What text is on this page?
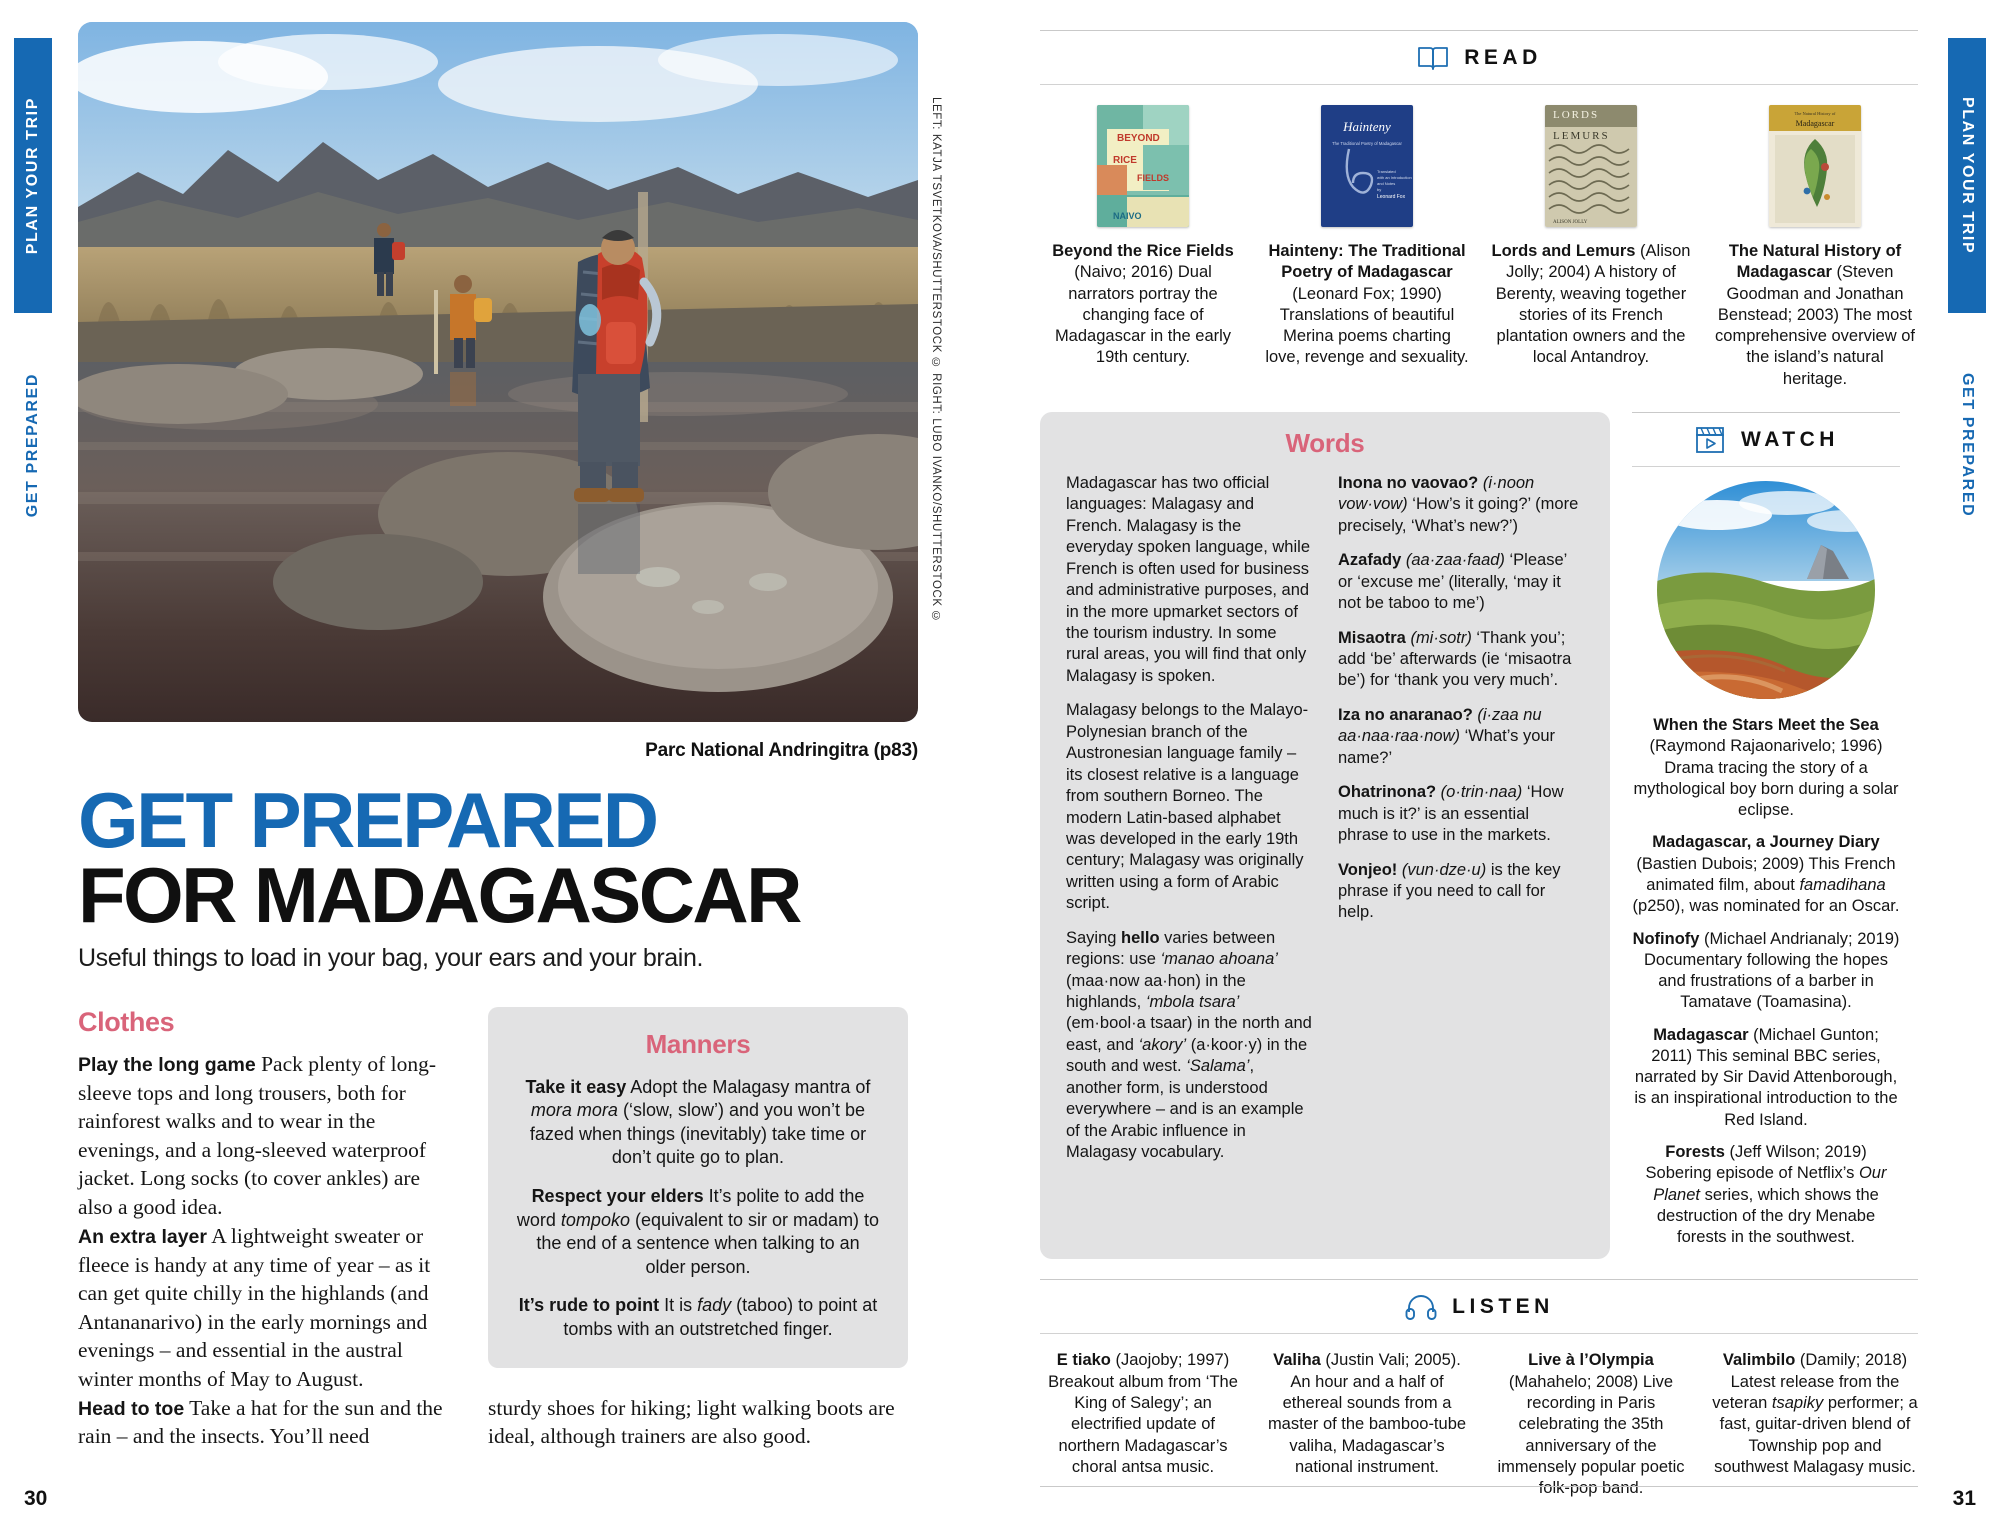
PLAN YOUR TRIP
GET PREPARED
PLAN YOUR TRIP
GET PREPARED
LEFT: KATJA TSVETKOVA/SHUTTERSTOCK © RIGHT: LUBO IVANKO/SHUTTERSTOCK ©
Parc National Andringitra (p83)
GET PREPARED
FOR MADAGASCAR
Useful things to load in your bag, your ears and your brain.
Clothes

Play the long game Pack plenty of long-sleeve tops and long trousers, both for rainforest walks and to wear in the evenings, and a long-sleeved waterproof jacket. Long socks (to cover ankles) are also a good idea.

An extra layer A lightweight sweater or fleece is handy at any time of year – as it can get quite chilly in the highlands (and Antananarivo) in the early mornings and evenings – and essential in the austral winter months of May to August.

Head to toe Take a hat for the sun and the rain – and the insects. You’ll need

Manners

Take it easy Adopt the Malagasy mantra of mora mora (‘slow, slow’) and you won’t be fazed when things (inevitably) take time or don’t quite go to plan.

Respect your elders It’s polite to add the word tompoko (equivalent to sir or madam) to the end of a sentence when talking to an older person.

It’s rude to point It is fady (taboo) to point at tombs with an outstretched finger.

sturdy shoes for hiking; light walking boots are ideal, although trainers are also good.
30
READ
BEYOND
RICE
FIELDS
NAIVO
Beyond the Rice Fields (Naivo; 2016) Dual narrators portray the changing face of Madagascar in the early 19th century.
Hainteny
The Traditional Poetry of Madagascar
Translated
with an Introduction
and Notes
by
Leonard Fox
Hainteny: The Traditional Poetry of Madagascar (Leonard Fox; 1990) Translations of beautiful Merina poems charting love, revenge and sexuality.
LORDS
LEMURS
ALISON JOLLY
Lords and Lemurs (Alison Jolly; 2004) A history of Berenty, weaving together stories of its French plantation owners and the local Antandroy.
The Natural History of
Madagascar
The Natural History of Madagascar (Steven Goodman and Jonathan Benstead; 2003) The most comprehensive overview of the island’s natural heritage.
Words

Madagascar has two official languages: Malagasy and French. Malagasy is the everyday spoken language, while French is often used for business and administrative purposes, and in the more upmarket sectors of the tourism industry. In some rural areas, you will find that only Malagasy is spoken.

Malagasy belongs to the Malayo-Polynesian branch of the Austronesian language family – its closest relative is a language from southern Borneo. The modern Latin-based alphabet was developed in the early 19th century; Malagasy was originally written using a form of Arabic script.

Saying hello varies between regions: use ‘manao ahoana’ (maa·now aa·hon) in the highlands, ‘mbola tsara’ (em·bool·a tsaar) in the north and east, and ‘akory’ (a·koor·y) in the south and west. ‘Salama’, another form, is understood everywhere – and is an example of the Arabic influence in Malagasy vocabulary.

Inona no vaovao? (i·noon vow·vow) ‘How’s it going?’ (more precisely, ‘What’s new?’)

Azafady (aa·zaa·faad) ‘Please’ or ‘excuse me’ (literally, ‘may it not be taboo to me’)

Misaotra (mi·sotr) ‘Thank you’; add ‘be’ afterwards (ie ‘misaotra be’) for ‘thank you very much’.

Iza no anaranao? (i·zaa nu aa·naa·raa·now) ‘What’s your name?’

Ohatrinona? (o·trin·naa) ‘How much is it?’ is an essential phrase to use in the markets.

Vonjeo! (vun·dze·u) is the key phrase if you need to call for help.

WATCH

When the Stars Meet the Sea (Raymond Rajaonarivelo; 1996) Drama tracing the story of a mythological boy born during a solar eclipse.

Madagascar, a Journey Diary (Bastien Dubois; 2009) This French animated film, about famadihana (p250), was nominated for an Oscar.

Nofinofy (Michael Andrianaly; 2019) Documentary following the hopes and frustrations of a barber in Tamatave (Toamasina).

Madagascar (Michael Gunton; 2011) This seminal BBC series, narrated by Sir David Attenborough, is an inspirational introduction to the Red Island.

Forests (Jeff Wilson; 2019) Sobering episode of Netflix’s Our Planet series, which shows the destruction of the dry Menabe forests in the southwest.

LISTEN
E tiako (Jaojoby; 1997) Breakout album from ‘The King of Salegy’; an electrified update of northern Madagascar’s choral antsa music.
Valiha (Justin Vali; 2005). An hour and a half of ethereal sounds from a master of the bamboo-tube valiha, Madagascar’s national instrument.
Live à l’Olympia (Mahahelo; 2008) Live recording in Paris celebrating the 35th anniversary of the immensely popular poetic folk-pop band.
Valimbilo (Damily; 2018) Latest release from the veteran tsapiky performer; a fast, guitar-driven blend of Township pop and southwest Malagasy music.
31
